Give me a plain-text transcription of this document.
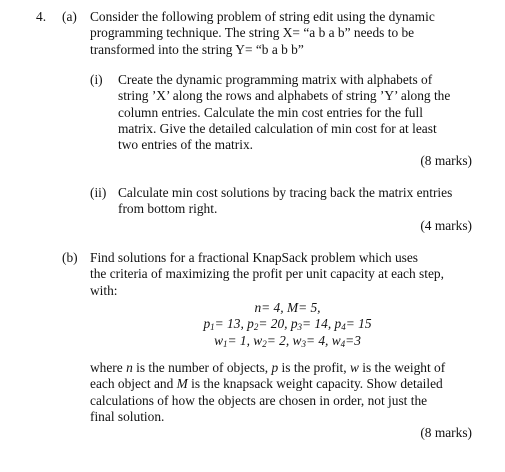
4. (a) Consider the following problem of string edit using the dynamic
programming technique. The string X= “a b a b” needs to be
transformed into the string Y= “b a b b”
(i) Create the dynamic programming matrix with alphabets of
string ’X’ along the rows and alphabets of string ’Y’ along the
column entries. Calculate the min cost entries for the full
matrix. Give the detailed calculation of min cost for at least
two entries of the matrix.
(8 marks)
(ii) Calculate min cost solutions by tracing back the matrix entries
from bottom right.
(4 marks)
(b) Find solutions for a fractional KnapSack problem which uses
the criteria of maximizing the profit per unit capacity at each step,
with:
n= 4, M= 5,
$p_1= 13$, $p_2= 20$, $p_3= 14$, $p_4= 15$
$w_1= 1$, $w_2= 2$, $w_3= 4$, $w_4=3$
where n is the number of objects, p is the profit, w is the weight of
each object and M is the knapsack weight capacity. Show detailed
calculations of how the objects are chosen in order, not just the
final solution.
(8 marks)
